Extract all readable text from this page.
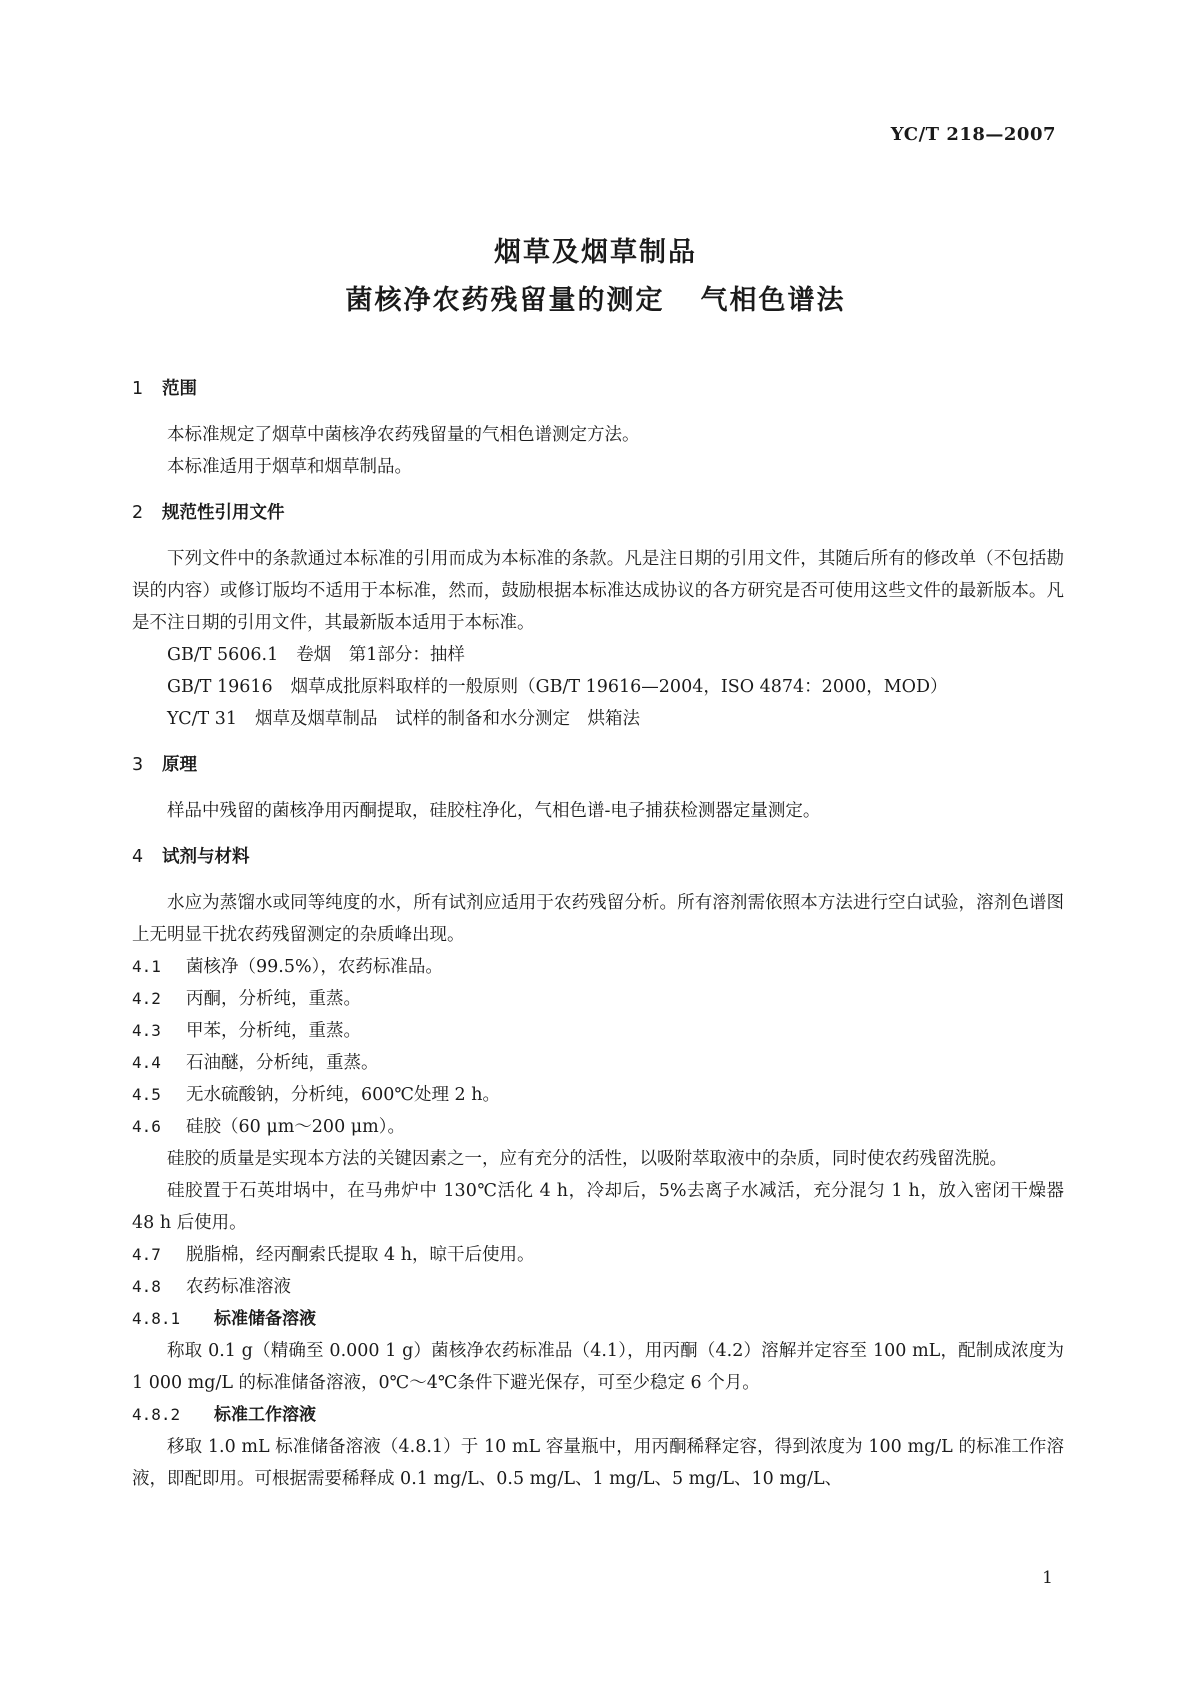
YC/T 218—2007
烟草及烟草制品
菌核净农药残留量的测定 气相色谱法
1 范围

本标准规定了烟草中菌核净农药残留量的气相色谱测定方法。

本标准适用于烟草和烟草制品。

2 规范性引用文件

下列文件中的条款通过本标准的引用而成为本标准的条款。凡是注日期的引用文件，其随后所有的修改单（不包括勘误的内容）或修订版均不适用于本标准，然而，鼓励根据本标准达成协议的各方研究是否可使用这些文件的最新版本。凡是不注日期的引用文件，其最新版本适用于本标准。

GB/T 5606.1 卷烟　第1部分：抽样

GB/T 19616 烟草成批原料取样的一般原则（GB/T 19616—2004，ISO 4874：2000，MOD）

YC/T 31 烟草及烟草制品　试样的制备和水分测定　烘箱法

3 原理

样品中残留的菌核净用丙酮提取，硅胶柱净化，气相色谱-电子捕获检测器定量测定。

4 试剂与材料

水应为蒸馏水或同等纯度的水，所有试剂应适用于农药残留分析。所有溶剂需依照本方法进行空白试验，溶剂色谱图上无明显干扰农药残留测定的杂质峰出现。

4.1 菌核净（99.5%），农药标准品。

4.2 丙酮，分析纯，重蒸。

4.3 甲苯，分析纯，重蒸。

4.4 石油醚，分析纯，重蒸。

4.5 无水硫酸钠，分析纯，600℃处理 2 h。

4.6 硅胶（60 μm～200 μm）。

硅胶的质量是实现本方法的关键因素之一，应有充分的活性，以吸附萃取液中的杂质，同时使农药残留洗脱。

硅胶置于石英坩埚中，在马弗炉中 130℃活化 4 h，冷却后，5%去离子水减活，充分混匀 1 h，放入密闭干燥器 48 h 后使用。

4.7 脱脂棉，经丙酮索氏提取 4 h，晾干后使用。

4.8 农药标准溶液

4.8.1 标准储备溶液

称取 0.1 g（精确至 0.000 1 g）菌核净农药标准品（4.1），用丙酮（4.2）溶解并定容至 100 mL，配制成浓度为 1 000 mg/L 的标准储备溶液，0℃～4℃条件下避光保存，可至少稳定 6 个月。

4.8.2 标准工作溶液

移取 1.0 mL 标准储备溶液（4.8.1）于 10 mL 容量瓶中，用丙酮稀释定容，得到浓度为 100 mg/L 的标准工作溶液，即配即用。可根据需要稀释成 0.1 mg/L、0.5 mg/L、1 mg/L、5 mg/L、10 mg/L、

1
